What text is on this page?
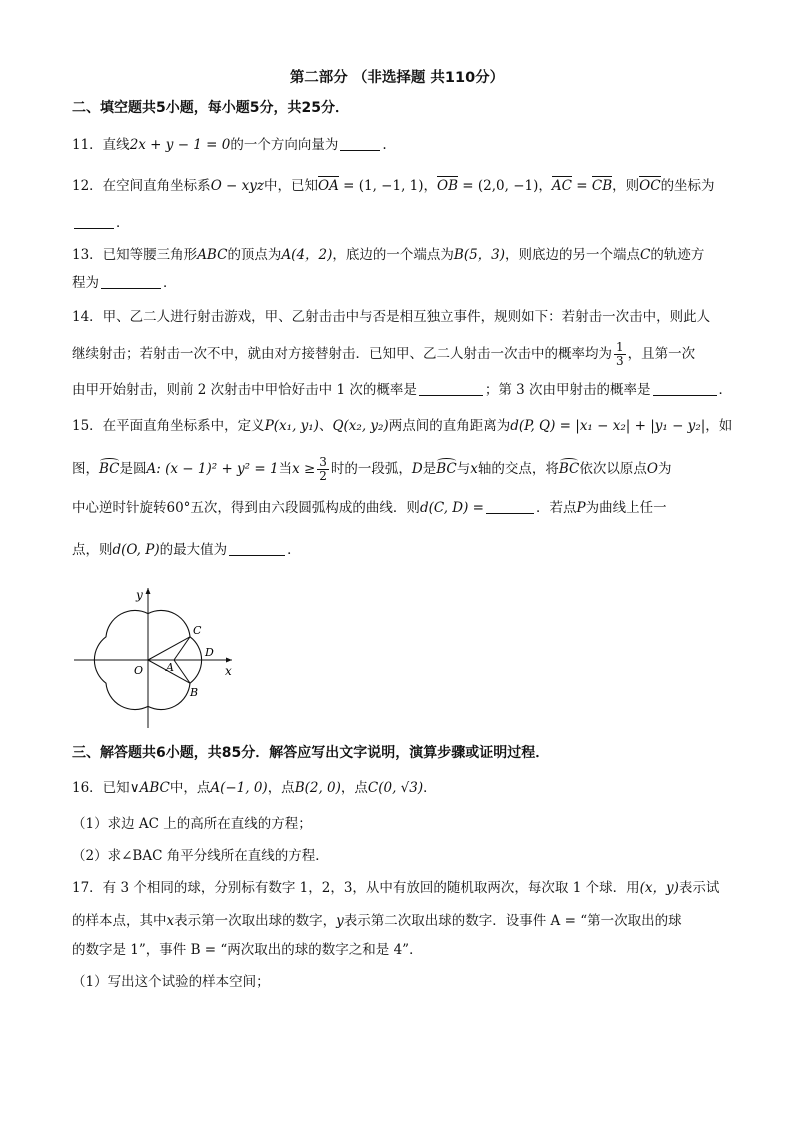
第二部分 （非选择题 共110分）
二、填空题共5小题，每小题5分，共25分．
11．直线2x + y − 1 = 0的一个方向向量为	.
12．在空间直角坐标系O − xyz中，已知OA = (1, −1, 1)，OB = (2,0, −1)，AC = CB，则OC的坐标为
．
13．已知等腰三角形ABC的顶点为A(4，2)，底边的一个端点为B(5，3)，则底边的另一个端点C的轨迹方
程为	．
14．甲、乙二人进行射击游戏，甲、乙射击击中与否是相互独立事件，规则如下：若射击一次击中，则此人
继续射击；若射击一次不中，就由对方接替射击．已知甲、乙二人射击一次击中的概率均为 $\frac{1}{3}$ ，且第一次
由甲开始射击，则前 2 次射击中甲恰好击中 1 次的概率是	；第 3 次由甲射击的概率是	．
15．在平面直角坐标系中，定义P(x₁, y₁)、Q(x₂, y₂)两点间的直角距离为d(P, Q) = |x₁ − x₂| + |y₁ − y₂|，如
图，BC是圆A: (x − 1)² + y² = 1当$x \ge \frac{3}{2}$ 时的一段弧，D是BC与x轴的交点，将BC依次以原点O为
中心逆时针旋转60°五次，得到由六段圆弧构成的曲线．则d(C, D) =	．若点P为曲线上任一
点，则d(O, P)的最大值为	．
y
x
O A
C
D
B
三、解答题共6小题，共85分．解答应写出文字说明，演算步骤或证明过程．
16．已知∨ABC中，点A(−1, 0)，点B(2, 0)，点C(0, √3)．
（1）求边 AC 上的高所在直线的方程；
（2）求∠BAC 角平分线所在直线的方程．
17．有 3 个相同的球，分别标有数字 1，2，3，从中有放回的随机取两次，每次取 1 个球．用(x，y)表示试
的样本点，其中x表示第一次取出球的数字，y表示第二次取出球的数字．设事件 A = “第一次取出的球
的数字是 1”，事件 B = “两次取出的球的数字之和是 4”．
（1）写出这个试验的样本空间；
